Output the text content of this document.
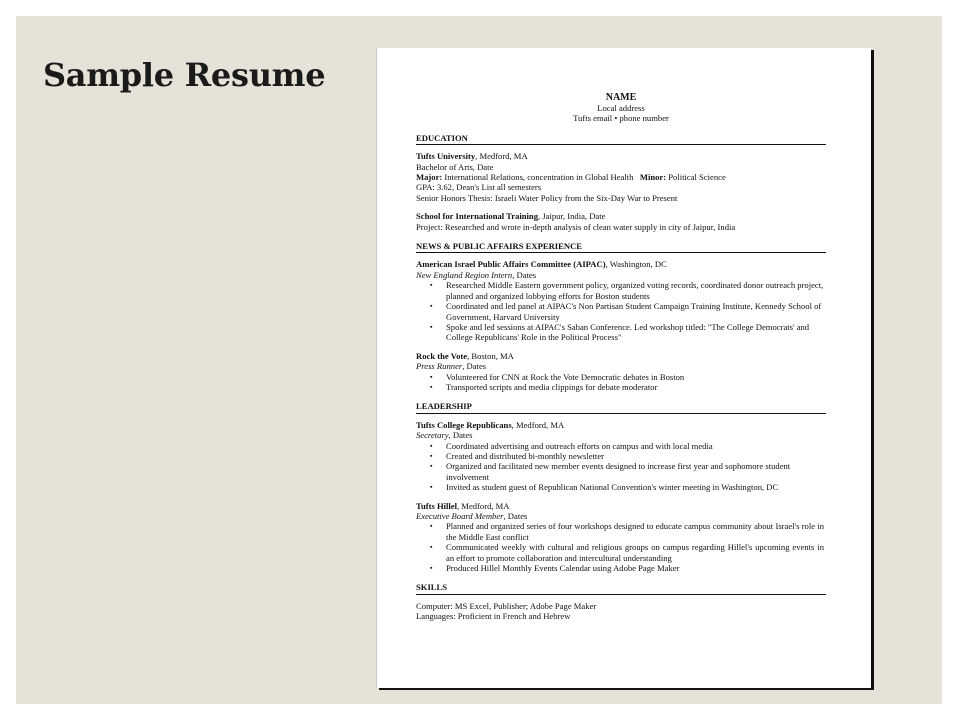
Sample Resume
NAME
Local address
Tufts email • phone number
EDUCATION
Tufts University, Medford, MA
Bachelor of Arts, Date
Major: International Relations, concentration in Global Health   Minor: Political Science
GPA: 3.62, Dean's List all semesters
Senior Honors Thesis: Israeli Water Policy from the Six-Day War to Present
School for International Training, Jaipur, India, Date
Project: Researched and wrote in-depth analysis of clean water supply in city of Jaipur, India
NEWS & PUBLIC AFFAIRS EXPERIENCE
American Israel Public Affairs Committee (AIPAC), Washington, DC
New England Region Intern, Dates
▪ Researched Middle Eastern government policy, organized voting records, coordinated donor outreach project, planned and organized lobbying efforts for Boston students
▪ Coordinated and led panel at AIPAC's Non Partisan Student Campaign Training Institute, Kennedy School of Government, Harvard University
▪ Spoke and led sessions at AIPAC's Saban Conference. Led workshop titled: "The College Democrats' and College Republicans' Role in the Political Process"
Rock the Vote, Boston, MA
Press Runner, Dates
▪ Volunteered for CNN at Rock the Vote Democratic debates in Boston
▪ Transported scripts and media clippings for debate moderator
LEADERSHIP
Tufts College Republicans, Medford, MA
Secretary, Dates
▪ Coordinated advertising and outreach efforts on campus and with local media
▪ Created and distributed bi-monthly newsletter
▪ Organized and facilitated new member events designed to increase first year and sophomore student involvement
▪ Invited as student guest of Republican National Convention's winter meeting in Washington, DC
Tufts Hillel, Medford, MA
Executive Board Member, Dates
▪ Planned and organized series of four workshops designed to educate campus community about Israel's role in the Middle East conflict
▪ Communicated weekly with cultural and religious groups on campus regarding Hillel's upcoming events in an effort to promote collaboration and intercultural understanding
▪ Produced Hillel Monthly Events Calendar using Adobe Page Maker
SKILLS
Computer: MS Excel, Publisher; Adobe Page Maker
Languages: Proficient in French and Hebrew
